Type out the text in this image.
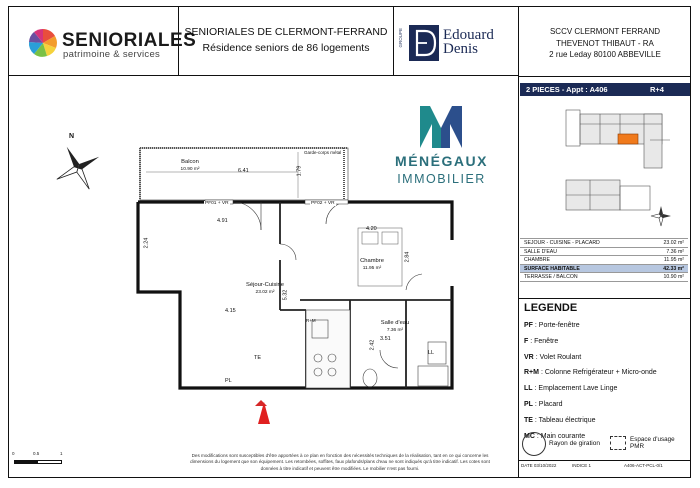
SENIORIALES
patrimoine & services
SENIORIALES DE CLERMONT-FERRAND
Résidence seniors de 86 logements
GROUPE	Edouard
Denis
SCCV CLERMONT FERRAND
THEVENOT THIBAUT - RA
2 rue Leday 80100 ABBEVILLE
2 PIECES - Appt : A406	R+4
SEJOUR - CUISINE - PLACARD	23.02 m²
SALLE D'EAU	7.36 m²
CHAMBRE	11.95 m²
SURFACE HABITABLE	42.33 m²
TERRASSE / BALCON	10.90 m²
LEGENDE
PF : Porte-fenêtre
F : Fenêtre
VR : Volet Roulant
R+M : Colonne Refrigérateur + Micro-onde
LL : Emplacement Lave Linge
PL : Placard
TE : Tableau électrique
MC : Main courante
Rayon de giration
Espace d'usage PMR
DATE 03/10/2022	INDICE 1	A406-ACT-PCL-0/1
MÉNÉGAUX
IMMOBILIER
N
Balcon
10.90 m²
Garde-corps métal
6.41	1.79
PF01 + VR	PF02 + VR
4.91
4.20
2.24
2.84
Chambre
11.95 m²
Séjour-Cuisine
23.02 m²	5.32
4.15
Salle d'eau
7.36 m²
3.51
2.42
R+M
PL
TE
LL
0	0.5	1	Des modifications sont susceptibles d'être apportées à ce plan en fonction des nécessités techniques de la réalisation, tant en ce qui concerne les dimensions du logement que son équipement. Les retombées, soffites, faux plafonds/plans d'eau ne sont indiqués qu'à titre indicatif. Les cotes sont données à titre indicatif et peuvent être modifiées. Le mobilier n'est pas fourni.
